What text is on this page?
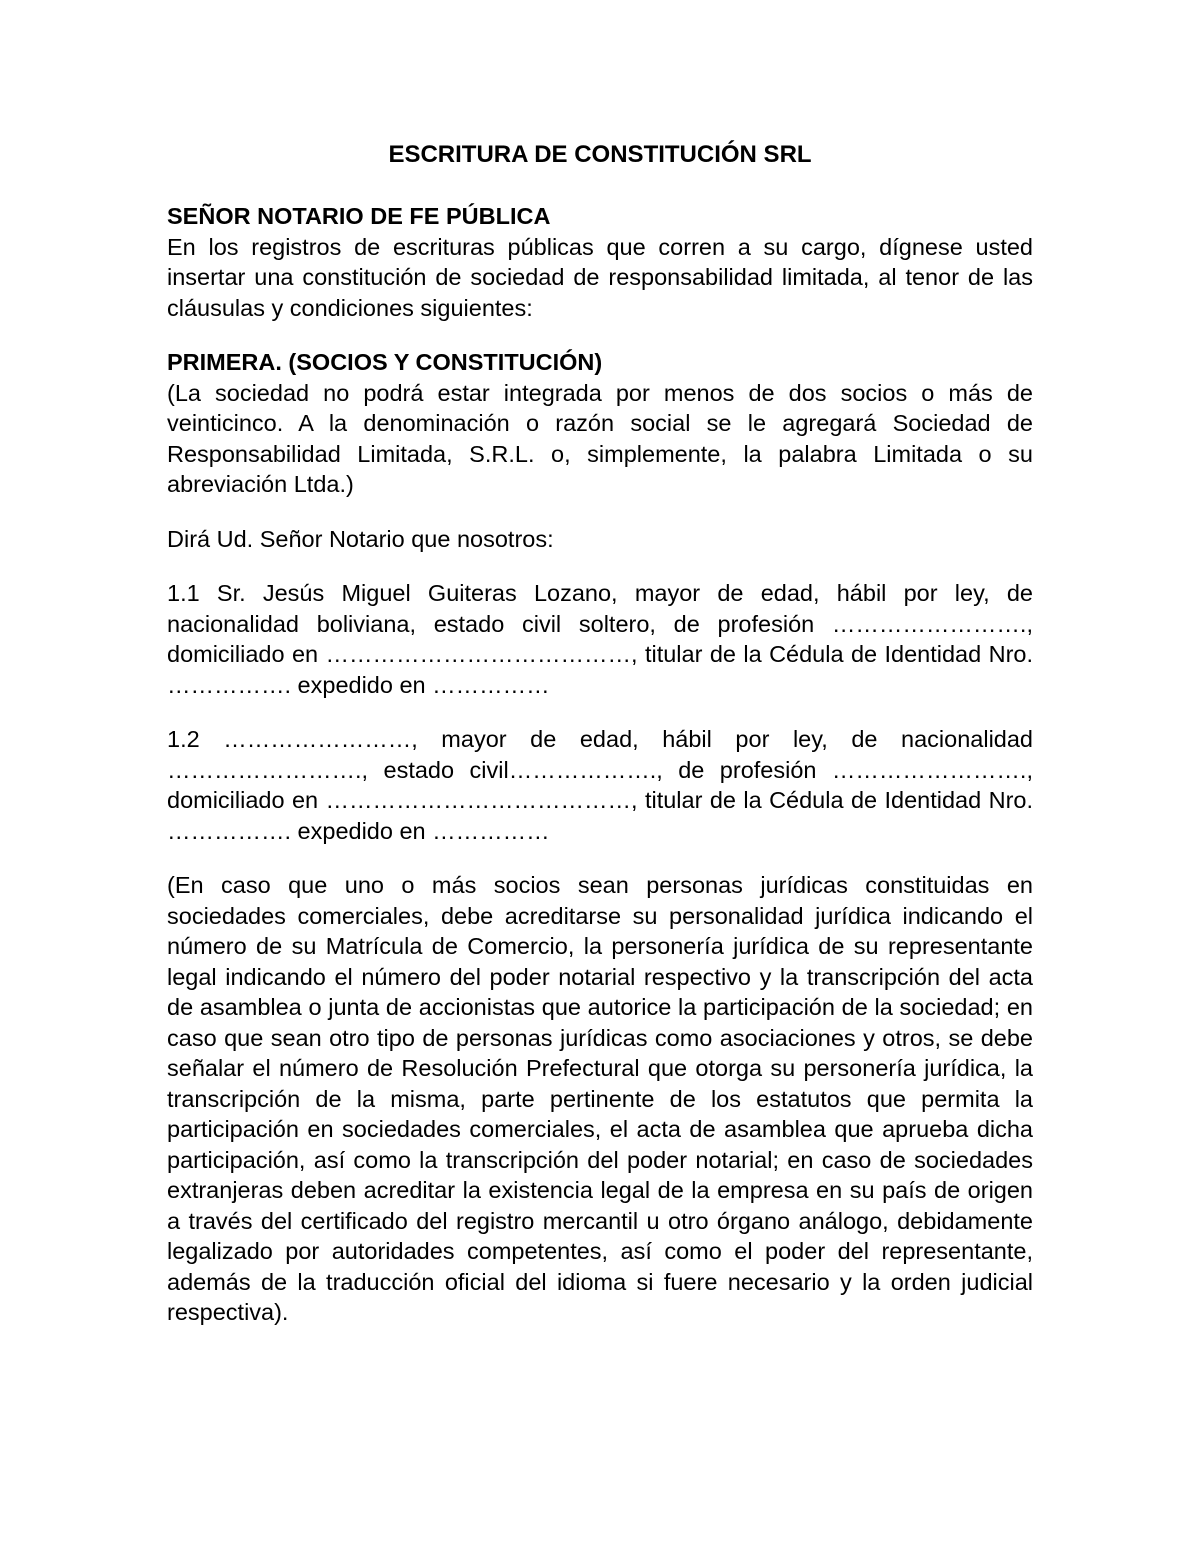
ESCRITURA DE CONSTITUCIÓN SRL
SEÑOR NOTARIO DE FE PÚBLICA

En los registros de escrituras públicas que corren a su cargo, dígnese usted insertar una constitución de sociedad de responsabilidad limitada, al tenor de las cláusulas y condiciones siguientes:

PRIMERA. (SOCIOS Y CONSTITUCIÓN)

(La sociedad no podrá estar integrada por menos de dos socios o más de veinticinco. A la denominación o razón social se le agregará Sociedad de Responsabilidad Limitada, S.R.L. o, simplemente, la palabra Limitada o su abreviación Ltda.)

Dirá Ud. Señor Notario que nosotros:

1.1 Sr. Jesús Miguel Guiteras Lozano, mayor de edad, hábil por ley, de nacionalidad boliviana, estado civil soltero, de profesión ……………………., domiciliado en …………………………………, titular de la Cédula de Identidad Nro. ……………. expedido en ……………

1.2 ……………………, mayor de edad, hábil por ley, de nacionalidad ……………………., estado civil………………., de profesión ……………………., domiciliado en …………………………………, titular de la Cédula de Identidad Nro. ……………. expedido en ……………

(En caso que uno o más socios sean personas jurídicas constituidas en sociedades comerciales, debe acreditarse su personalidad jurídica indicando el número de su Matrícula de Comercio, la personería jurídica de su representante legal indicando el número del poder notarial respectivo y la transcripción del acta de asamblea o junta de accionistas que autorice la participación de la sociedad; en caso que sean otro tipo de personas jurídicas como asociaciones y otros, se debe señalar el número de Resolución Prefectural que otorga su personería jurídica, la transcripción de la misma, parte pertinente de los estatutos que permita la participación en sociedades comerciales, el acta de asamblea que aprueba dicha participación, así como la transcripción del poder notarial; en caso de sociedades extranjeras deben acreditar la existencia legal de la empresa en su país de origen a través del certificado del registro mercantil u otro órgano análogo, debidamente legalizado por autoridades competentes, así como el poder del representante, además de la traducción oficial del idioma si fuere necesario y la orden judicial respectiva).
